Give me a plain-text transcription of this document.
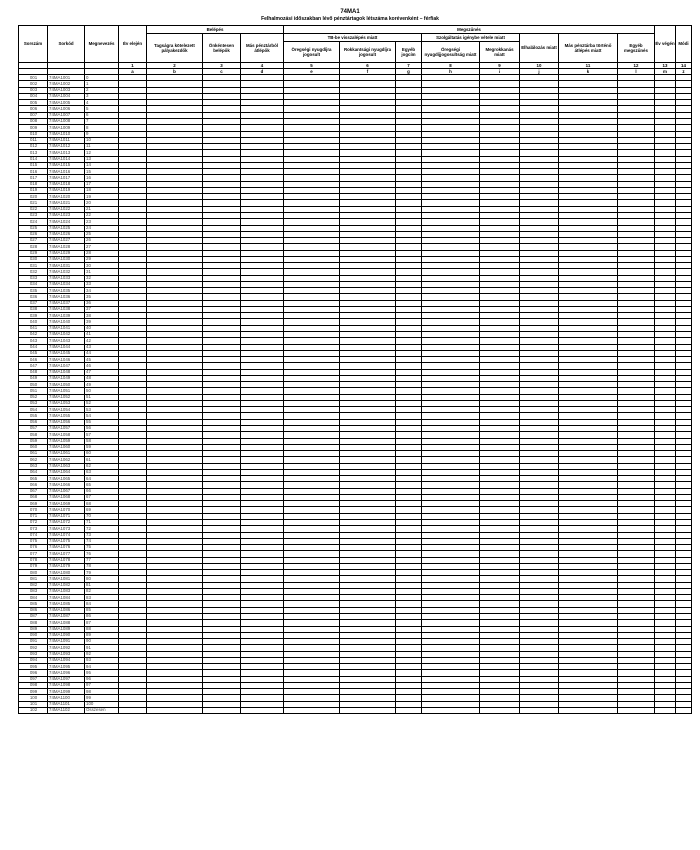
74MA1
Felhalmozási időszakban lévő pénztártagok létszáma korévenként – férfiak
Sorszám	Sorkód	Megnevezés	Év elején	Belépés			Megszűnés								Év végén	Módi
				Tagságra kötelezett pályakezdők	Önkéntesen belépők	Más pénztárból átlépők	TB-be visszalépés miatt			Szolgáltatás igénybe vétele miatt		Elhalálozás miatt	Más pénztárba történő átlépés miatt	Egyéb megszűnés		
							Öregségi nyugdíjra jogosult	Rokkantsági nyugdíjra jogosult	Egyéb jogcím	Öregségi nyugdíjjogosultság miatt	Megrokkanás miatt					
			1	2	3	4	5	6	7	8	9	10	11	12	13	14
			a	b	c	d	e	f	g	h	i	j	k	l	m	z
001	74MA1001	0														
002	74MA1002	1														
003	74MA1003	2														
004	74MA1004	3														
005	74MA1005	4														
006	74MA1006	5														
007	74MA1007	6														
008	74MA1008	7														
009	74MA1009	8														
010	74MA1010	9														
011	74MA1011	10														
012	74MA1012	11														
013	74MA1013	12														
014	74MA1014	13														
015	74MA1015	14														
016	74MA1016	15														
017	74MA1017	16														
018	74MA1018	17														
019	74MA1019	18														
020	74MA1020	19														
021	74MA1021	20														
022	74MA1022	21														
023	74MA1023	22														
024	74MA1024	23														
025	74MA1025	24														
026	74MA1026	25														
027	74MA1027	26														
028	74MA1028	27														
029	74MA1029	28														
030	74MA1030	29														
031	74MA1031	30														
032	74MA1032	31														
033	74MA1033	32														
034	74MA1034	33														
035	74MA1035	34														
036	74MA1036	35														
037	74MA1037	36														
038	74MA1038	37														
039	74MA1039	38														
040	74MA1040	39														
041	74MA1041	40														
042	74MA1042	41														
043	74MA1043	42														
044	74MA1044	43														
045	74MA1045	44														
046	74MA1046	45														
047	74MA1047	46														
048	74MA1048	47														
049	74MA1049	48														
050	74MA1050	49														
051	74MA1051	50														
052	74MA1052	51														
053	74MA1053	52														
054	74MA1054	53														
055	74MA1055	54														
056	74MA1056	55														
057	74MA1057	56														
058	74MA1058	57														
059	74MA1059	58														
060	74MA1060	59														
061	74MA1061	60														
062	74MA1062	61														
063	74MA1063	62														
064	74MA1064	63														
065	74MA1065	64														
066	74MA1066	65														
067	74MA1067	66														
068	74MA1068	67														
069	74MA1069	68														
070	74MA1070	69														
071	74MA1071	70														
072	74MA1072	71														
073	74MA1073	72														
074	74MA1074	73														
075	74MA1075	74														
076	74MA1076	75														
077	74MA1077	76														
078	74MA1078	77														
079	74MA1079	78														
080	74MA1080	79														
081	74MA1081	80														
082	74MA1082	81														
083	74MA1083	82														
084	74MA1084	83														
085	74MA1085	84														
086	74MA1086	85														
087	74MA1087	86														
088	74MA1088	87														
089	74MA1089	88														
090	74MA1090	89														
091	74MA1091	90														
092	74MA1092	91														
093	74MA1093	92														
094	74MA1094	93														
095	74MA1095	94														
096	74MA1096	95														
097	74MA1097	96														
098	74MA1098	97														
099	74MA1099	98														
100	74MA1100	99														
101	74MA1101	100														
102	74MA1102	Összesen														
